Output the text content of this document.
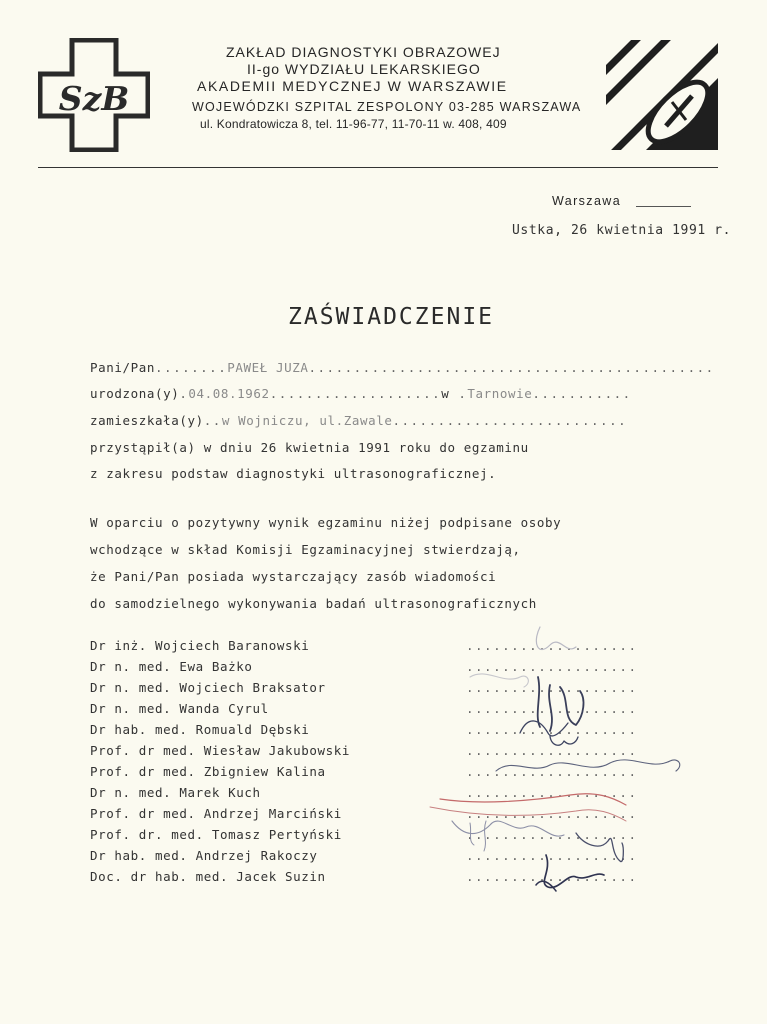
SzB
ZAKŁAD DIAGNOSTYKI OBRAZOWEJ
II-go WYDZIAŁU LEKARSKIEGO
AKADEMII MEDYCZNEJ W WARSZAWIE
WOJEWÓDZKI SZPITAL ZESPOLONY 03-285 WARSZAWA
ul. Kondratowicza 8, tel. 11-96-77, 11-70-11 w. 408, 409
Warszawa
Ustka, 26 kwietnia 1991 r.
ZAŚWIADCZENIE
Pani/Pan........PAWEŁ JUZA.............................................
urodzona(y).04.08.1962...................w .Tarnowie...........
zamieszkała(y)..w Wojniczu, ul.Zawale..........................
przystąpił(a) w dniu 26 kwietnia 1991 roku do egzaminu
z zakresu podstaw diagnostyki ultrasonograficznej.
W oparciu o pozytywny wynik egzaminu niżej podpisane osoby
wchodzące w skład Komisji Egzaminacyjnej stwierdzają,
że Pani/Pan posiada wystarczający zasób wiadomości
do samodzielnego wykonywania badań ultrasonograficznych
Dr inż. Wojciech Baranowski
Dr n. med. Ewa Bażko
Dr n. med. Wojciech Braksator
Dr n. med. Wanda Cyrul
Dr hab. med. Romuald Dębski
Prof. dr med. Wiesław Jakubowski
Prof. dr med. Zbigniew Kalina
Dr n. med. Marek Kuch
Prof. dr med. Andrzej Marciński
Prof. dr. med. Tomasz Pertyński
Dr hab. med. Andrzej Rakoczy
Doc. dr hab. med. Jacek Suzin
...................
...................
...................
...................
...................
...................
...................
...................
...................
...................
...................
...................
